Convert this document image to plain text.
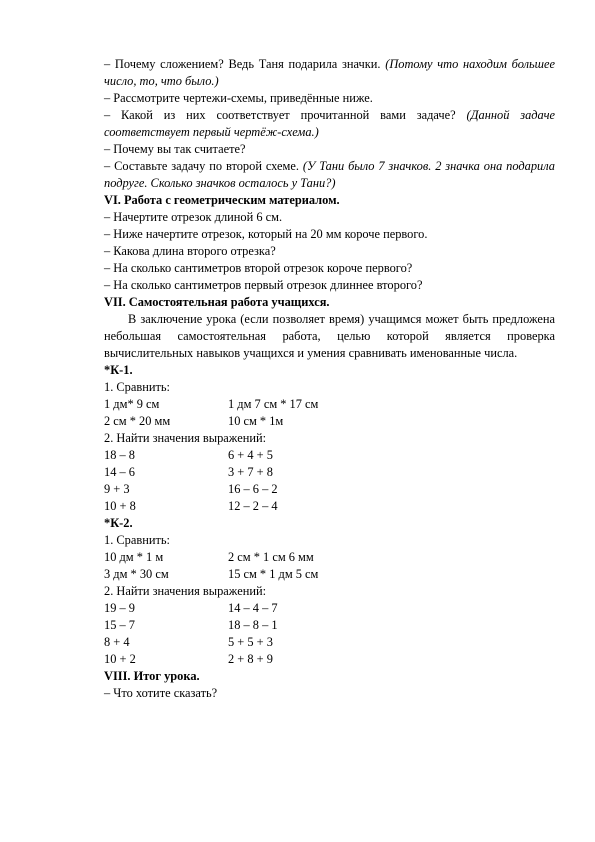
– Почему сложением? Ведь Таня подарила значки. (Потому что находим большее число, то, что было.)

– Рассмотрите чертежи-схемы, приведённые ниже.

– Какой из них соответствует прочитанной вами задаче? (Данной задаче соответствует первый чертёж-схема.)

– Почему вы так считаете?

– Составьте задачу по второй схеме. (У Тани было 7 значков. 2 значка она подарила подруге. Сколько значков осталось у Тани?)

VI. Работа с геометрическим материалом.

– Начертите отрезок длиной 6 см.

– Ниже начертите отрезок, который на 20 мм короче первого.

– Какова длина второго отрезка?

– На сколько сантиметров второй отрезок короче первого?

– На сколько сантиметров первый отрезок длиннее второго?

VII. Самостоятельная работа учащихся.

В заключение урока (если позволяет время) учащимся может быть предложена небольшая самостоятельная работа, целью которой является проверка вычислительных навыков учащихся и умения сравнивать именованные числа.

*К-1.

1. Сравнить:

1 дм* 9 см	1 дм 7 см * 17 см
2 см * 20 мм	10 см * 1м

2. Найти значения выражений:

18 – 8	6 + 4 + 5
14 – 6	3 + 7 + 8
9 + 3	16 – 6 – 2
10 + 8	12 – 2 – 4

*К-2.

1. Сравнить:

10 дм * 1 м	2 см * 1 см 6 мм
3 дм * 30 см	15 см * 1 дм 5 см

2. Найти значения выражений:

19 – 9	14 – 4 – 7
15 – 7	18 – 8 – 1
8 + 4	5 + 5 + 3
10 + 2	2 + 8 + 9

VIII. Итог урока.

– Что хотите сказать?
